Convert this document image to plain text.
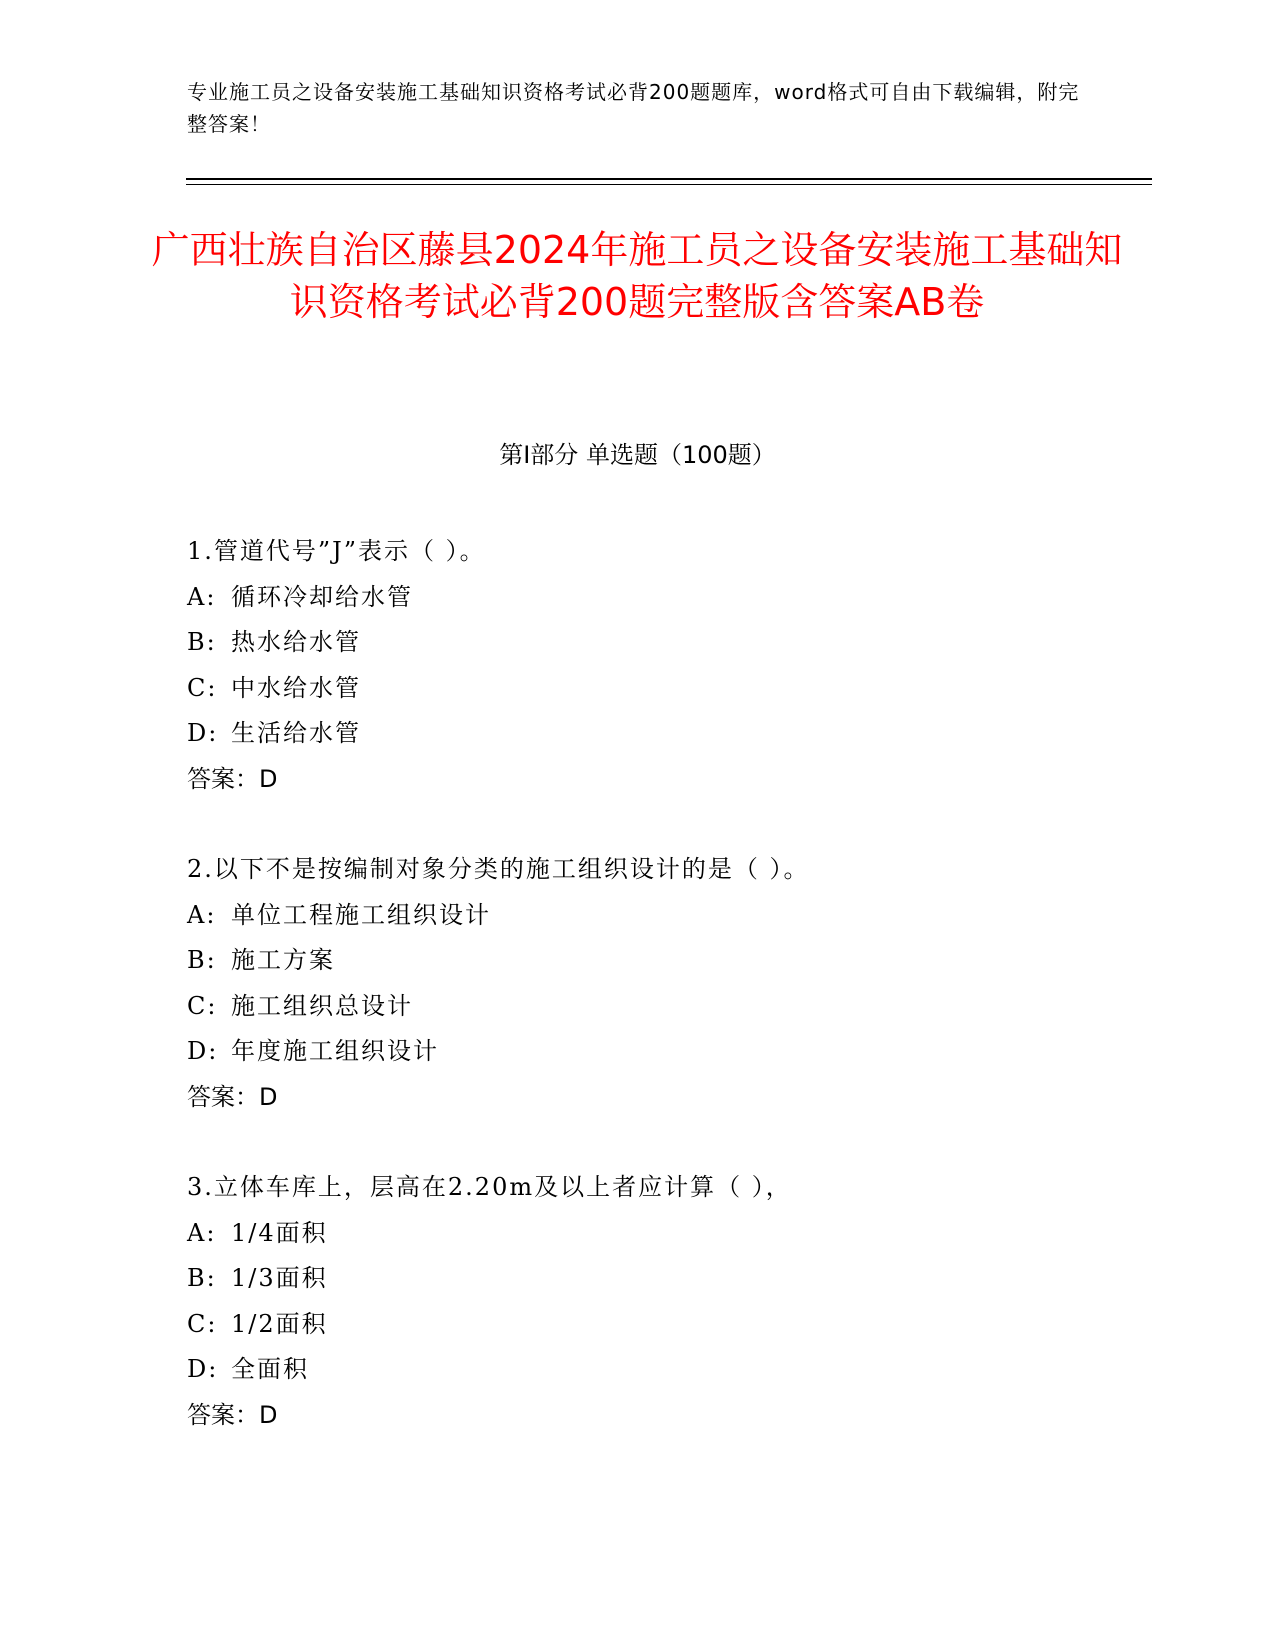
专业施工员之设备安装施工基础知识资格考试必背200题题库，word格式可自由下载编辑，附完整答案！
广西壮族自治区藤县2024年施工员之设备安装施工基础知识资格考试必背200题完整版含答案AB卷
第Ⅰ部分 单选题（100题）
1.管道代号”J”表示（ ）。
A: 循环冷却给水管
B: 热水给水管
C: 中水给水管
D: 生活给水管
答案：D
2.以下不是按编制对象分类的施工组织设计的是（ ）。
A: 单位工程施工组织设计
B: 施工方案
C: 施工组织总设计
D: 年度施工组织设计
答案：D
3.立体车库上，层高在2.20m及以上者应计算（ ），
A: 1/4面积
B: 1/3面积
C: 1/2面积
D: 全面积
答案：D
